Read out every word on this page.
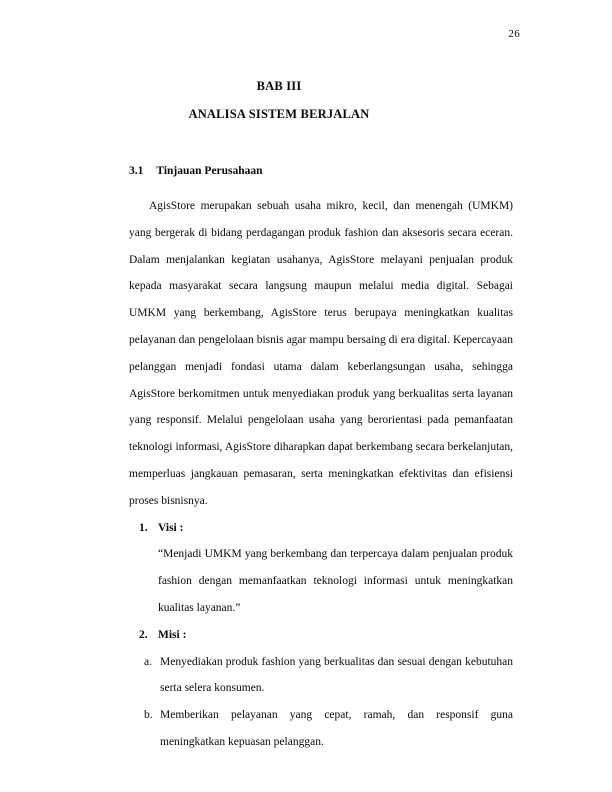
26
BAB III
ANALISA SISTEM BERJALAN
3.1 Tinjauan Perusahaan

AgisStore merupakan sebuah usaha mikro, kecil, dan menengah (UMKM) yang bergerak di bidang perdagangan produk fashion dan aksesoris secara eceran. Dalam menjalankan kegiatan usahanya, AgisStore melayani penjualan produk kepada masyarakat secara langsung maupun melalui media digital. Sebagai UMKM yang berkembang, AgisStore terus berupaya meningkatkan kualitas pelayanan dan pengelolaan bisnis agar mampu bersaing di era digital. Kepercayaan pelanggan menjadi fondasi utama dalam keberlangsungan usaha, sehingga AgisStore berkomitmen untuk menyediakan produk yang berkualitas serta layanan yang responsif. Melalui pengelolaan usaha yang berorientasi pada pemanfaatan teknologi informasi, AgisStore diharapkan dapat berkembang secara berkelanjutan, memperluas jangkauan pemasaran, serta meningkatkan efektivitas dan efisiensi proses bisnisnya.

1. Visi :

“Menjadi UMKM yang berkembang dan terpercaya dalam penjualan produk fashion dengan memanfaatkan teknologi informasi untuk meningkatkan kualitas layanan.”

2. Misi :
a. Menyediakan produk fashion yang berkualitas dan sesuai dengan kebutuhan serta selera konsumen.
b. Memberikan pelayanan yang cepat, ramah, dan responsif guna meningkatkan kepuasan pelanggan.
